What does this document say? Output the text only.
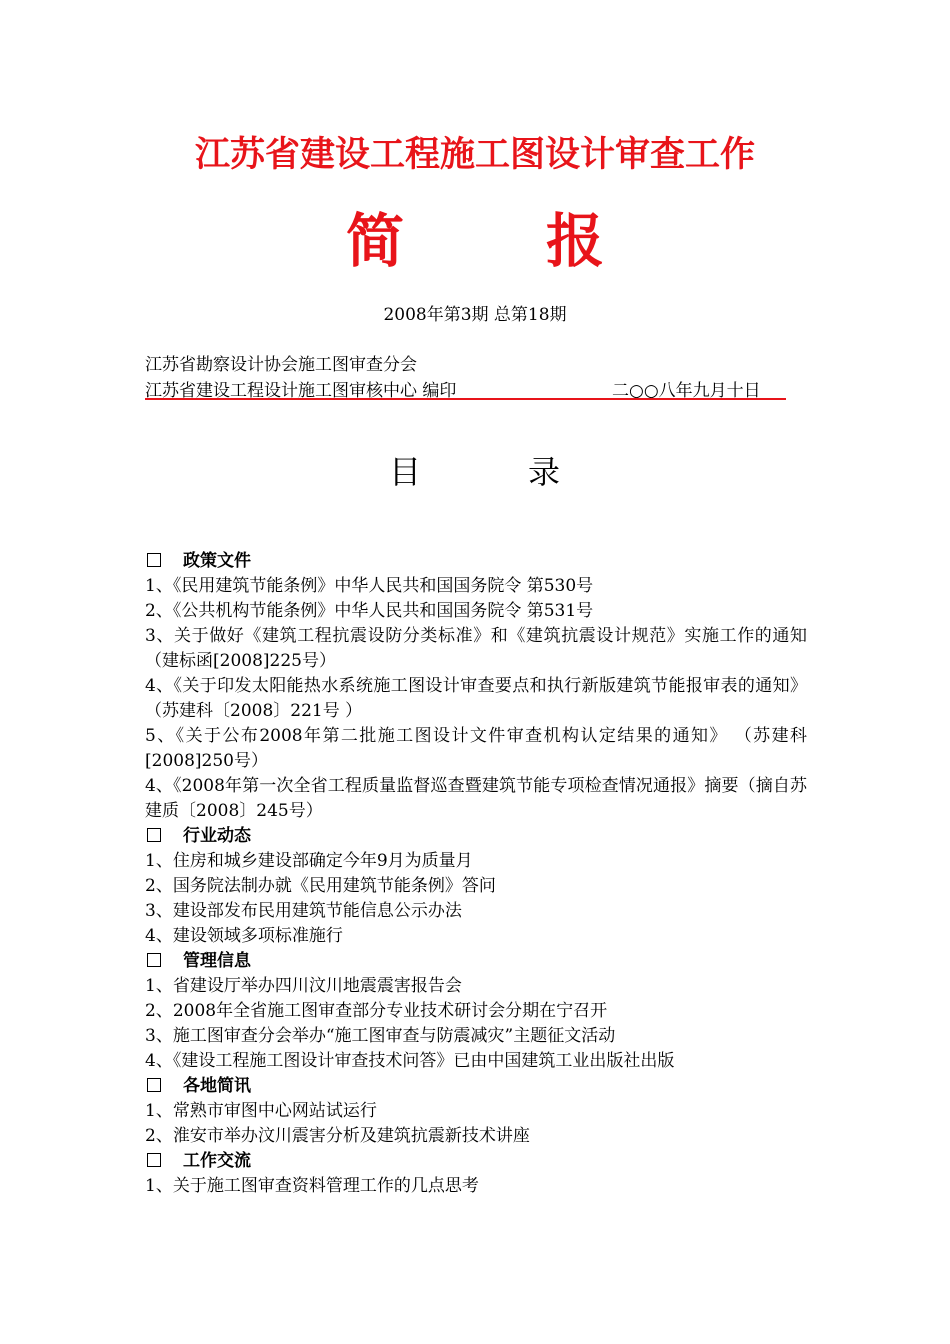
江苏省建设工程施工图设计审查工作
简 报
2008年第3期 总第18期
江苏省勘察设计协会施工图审查分会
江苏省建设工程设计施工图审核中心 编印	二○○八年九月十日
目	录
政策文件
1、《民用建筑节能条例》中华人民共和国国务院令 第530号
2、《公共机构节能条例》中华人民共和国国务院令 第531号
3、关于做好《建筑工程抗震设防分类标准》和《建筑抗震设计规范》实施工作的通知 （建标函[2008]225号）
4、《关于印发太阳能热水系统施工图设计审查要点和执行新版建筑节能报审表的通知》 （苏建科〔2008〕221号 ）
5、《关于公布2008年第二批施工图设计文件审查机构认定结果的通知》 （苏建科[2008]250号）
4、《2008年第一次全省工程质量监督巡查暨建筑节能专项检查情况通报》摘要（摘自苏建质〔2008〕245号）
行业动态
1、住房和城乡建设部确定今年9月为质量月
2、国务院法制办就《民用建筑节能条例》答问
3、建设部发布民用建筑节能信息公示办法
4、建设领域多项标准施行
管理信息
1、省建设厅举办四川汶川地震震害报告会
2、2008年全省施工图审查部分专业技术研讨会分期在宁召开
3、施工图审查分会举办“施工图审查与防震减灾”主题征文活动
4、《建设工程施工图设计审查技术问答》已由中国建筑工业出版社出版
各地简讯
1、常熟市审图中心网站试运行
2、淮安市举办汶川震害分析及建筑抗震新技术讲座
工作交流
1、关于施工图审查资料管理工作的几点思考
